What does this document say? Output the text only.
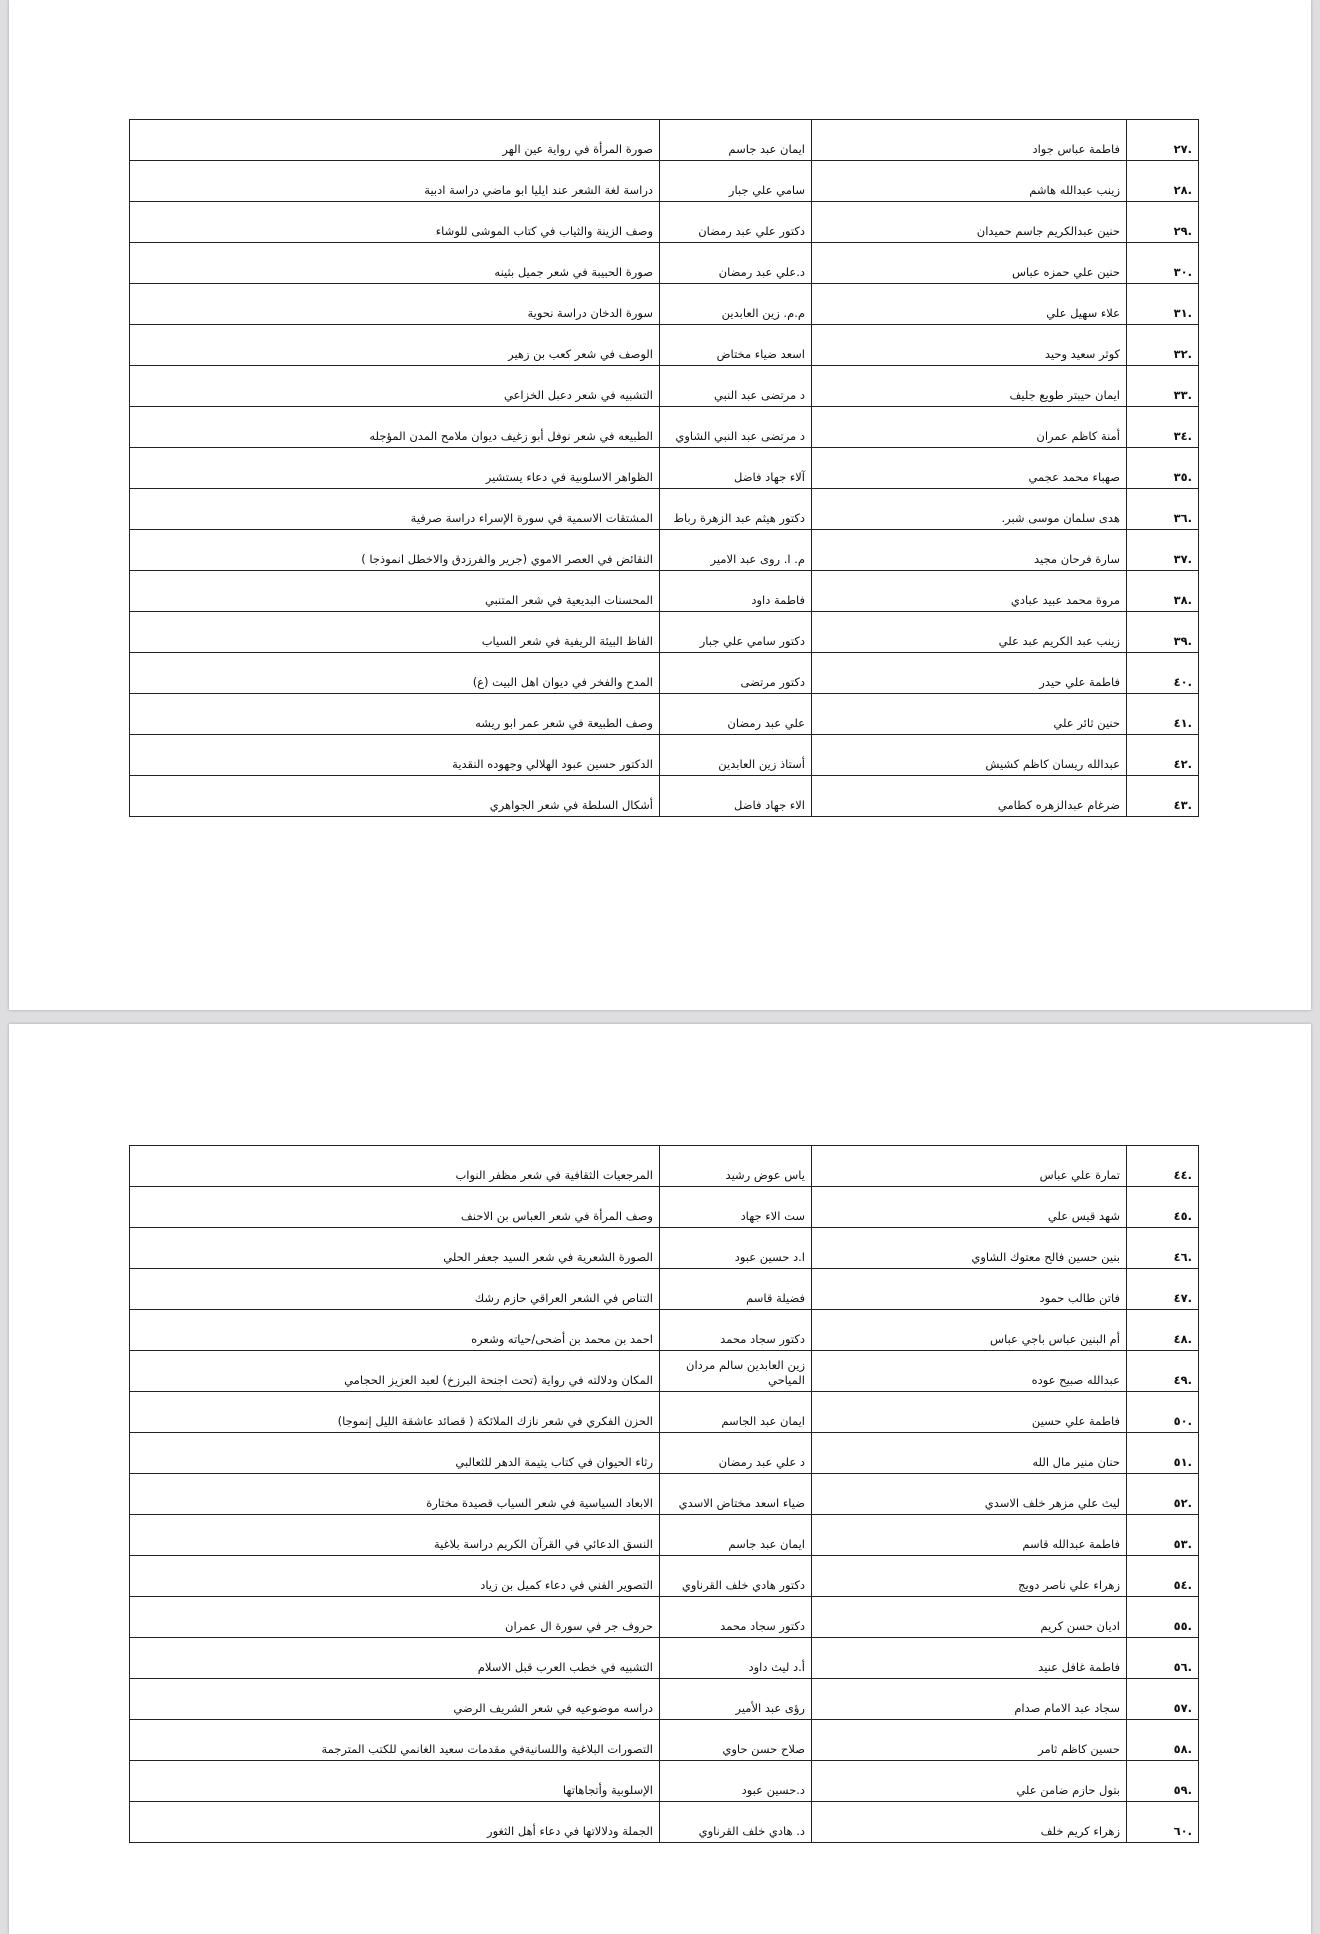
.٢٧	فاطمة عباس جواد	ايمان عبد جاسم	صورة المرأة في رواية عين الهر
.٢٨	زينب عبدالله هاشم	سامي علي جبار	دراسة لغة الشعر عند ايليا ابو ماضي دراسة ادبية
.٢٩	حنين عبدالكريم جاسم حميدان	دكتور علي عبد رمضان	وصف الزينة والثياب في كتاب الموشى للوشاء
.٣٠	حنين علي حمزه عباس	د.علي عبد رمضان	صورة الحبيبة في شعر جميل بثينه
.٣١	علاء سهيل علي	م.م. زين العابدين	سورة الدخان دراسة نحوية
.٣٢	كوثر سعيد وحيد	اسعد ضياء مختاض	الوصف في شعر كعب بن زهير
.٣٣	ايمان حيبتر طويع جليف	د مرتضى عبد النبي	التشبيه في شعر دعبل الخزاعي
.٣٤	أمنة كاظم عمران	د مرتضى عبد النبي الشاوي	الطبيعه في شعر نوفل أبو زغيف ديوان ملامح المدن المؤجله
.٣٥	صهباء محمد عجمي	آلاء جهاد فاضل	الظواهر الاسلوبية في دعاء يستشير
.٣٦	هدى سلمان موسى شبر.	دكتور هيثم عبد الزهرة رباط	المشتقات الاسمية في سورة الإسراء دراسة صرفية
.٣٧	سارة فرحان مجيد	م. ا. روى عبد الامير	النقائض في العصر الاموي (جرير والفرزدق والاخطل انموذجا )
.٣٨	مروة محمد عبيد عبادي	فاطمة داود	المحسنات البديعية في شعر المتنبي
.٣٩	زينب عبد الكريم عبد علي	دكتور سامي علي جبار	الفاظ البيئة الريفية في شعر السياب
.٤٠	فاطمة علي حيدر	دكتور مرتضى	المدح والفخر في ديوان اهل البيت (ع)
.٤١	حنين ثائر علي	علي عبد رمضان	وصف الطبيعة في شعر عمر ابو ريشه
.٤٢	عبدالله ريسان كاظم كشيش	أستاذ زين العابدين	الدكتور حسين عبود الهلالي وجهوده النقدية
.٤٣	ضرغام عبدالزهره كطامي	الاء جهاد فاضل	أشكال السلطة في شعر الجواهري
.٤٤	تمارة علي عباس	ياس عوض رشيد	المرجعيات الثقافية في شعر مظفر النواب
.٤٥	شهد قيس علي	ست الاء جهاد	وصف المرأة في شعر العباس بن الاحنف
.٤٦	بنين حسين فالح معتوك الشاوي	ا.د حسين عبود	الصورة الشعرية في شعر السيد جعفر الحلي
.٤٧	فاتن طالب حمود	فضيلة قاسم	التناص في الشعر العراقي حازم رشك
.٤٨	أم البنين عباس باجي عباس	دكتور سجاد محمد	احمد بن محمد بن أضحى/حياته وشعره
.٤٩	عبدالله صبيح عوده	زين العابدين سالم مردان المياحي	المكان ودلالته في رواية (تحت اجنحة البرزخ) لعبد العزيز الحجامي
.٥٠	فاطمة علي حسين	ايمان عبد الجاسم	الحزن الفكري في شعر نازك الملائكة ( قصائد عاشقة الليل إنموجا)
.٥١	حنان منير مال الله	د علي عبد رمضان	رثاء الحيوان في كتاب يتيمة الدهر للثعالبي
.٥٢	ليث علي مزهر خلف الاسدي	ضياء اسعد مختاض الاسدي	الابعاد السياسية في شعر السياب قصيدة مختارة
.٥٣	فاطمة عبدالله قاسم	ايمان عبد جاسم	النسق الدعائي في القرآن الكريم دراسة بلاغية
.٥٤	زهراء علي ناصر دويج	دكتور هادي خلف القرناوي	التصوير الفني في دعاء كميل بن زياد
.٥٥	اديان حسن كريم	دكتور سجاد محمد	حروف جر في سورة ال عمران
.٥٦	فاطمة غافل عنيد	أ.د ليث داود	التشبيه في خطب العرب قبل الاسلام
.٥٧	سجاد عبد الامام صدام	رؤى عبد الأمير	دراسه موضوعيه في شعر الشريف الرضي
.٥٨	حسين كاظم ثامر	صلاح حسن حاوي	التصورات البلاغية واللسانيةفي مقدمات سعيد الغانمي للكتب المترجمة
.٥٩	بتول حازم ضامن علي	د.حسين عبود	الإسلوبية وأتجاهاتها
.٦٠	زهراء كريم خلف	د. هادي خلف القرناوي	الجملة ودلالاتها في دعاء أهل الثغور
